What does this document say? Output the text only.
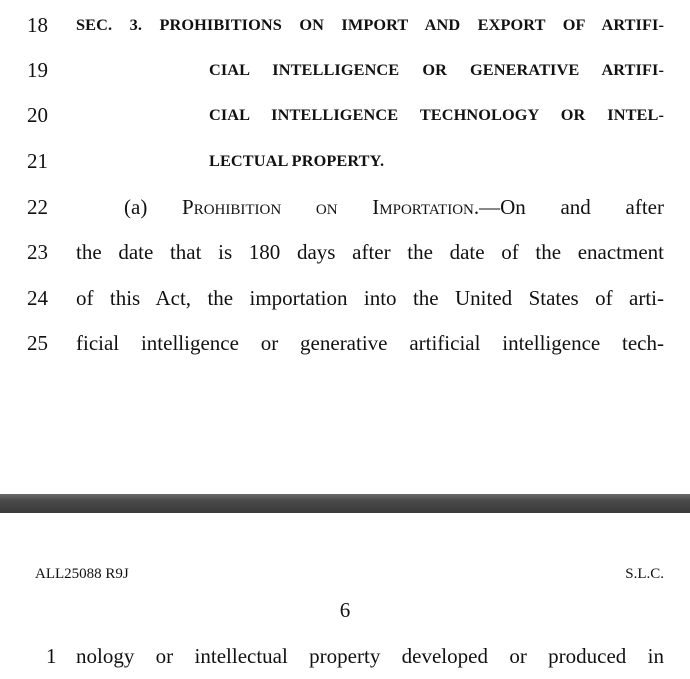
18	SEC. 3. PROHIBITIONS ON IMPORT AND EXPORT OF ARTIFI-
19	CIAL INTELLIGENCE OR GENERATIVE ARTIFI-
20	CIAL INTELLIGENCE TECHNOLOGY OR INTEL-
21	LECTUAL PROPERTY.
22	(a) Prohibition on Importation.—On and after
23	the date that is 180 days after the date of the enactment
24	of this Act, the importation into the United States of arti-
25	ficial intelligence or generative artificial intelligence tech-
ALL25088 R9J	S.L.C.
6
1 nology or intellectual property developed or produced in
